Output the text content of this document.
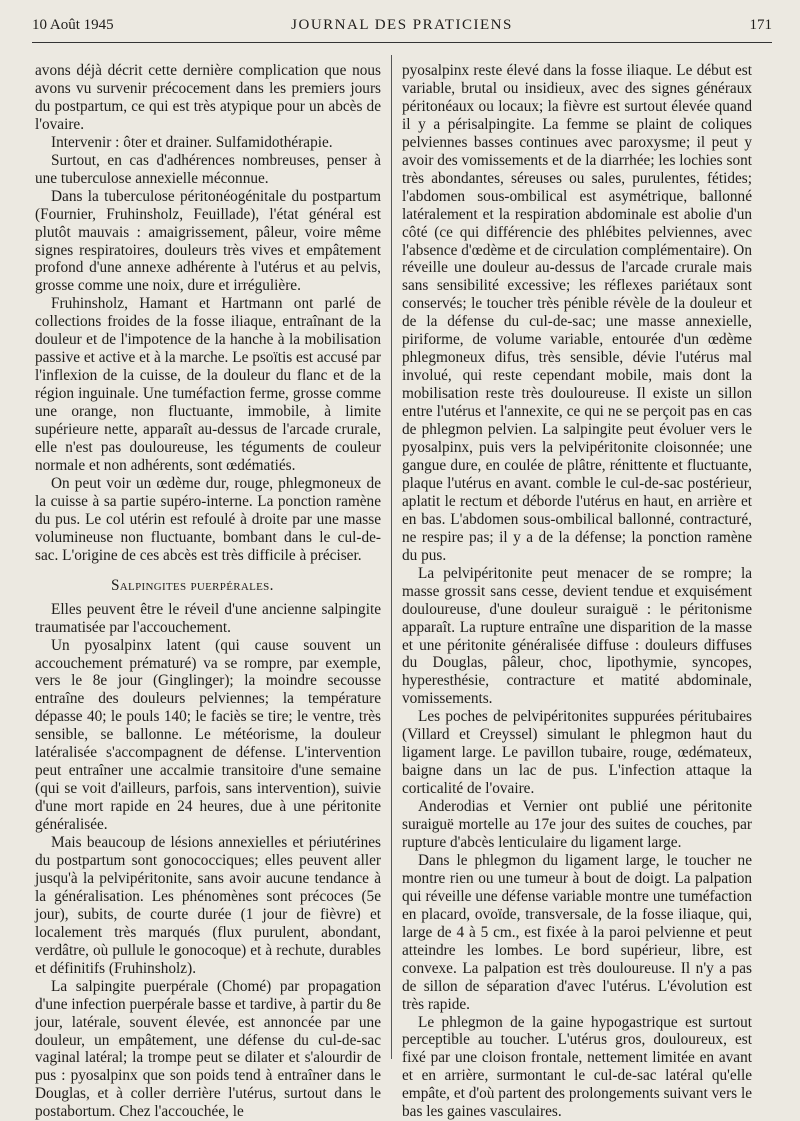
10 Août 1945	JOURNAL DES PRATICIENS	171

avons déjà décrit cette dernière complication que nous avons vu survenir précocement dans les premiers jours du postpartum, ce qui est très atypique pour un abcès de l'ovaire.

Intervenir : ôter et drainer. Sulfamidothérapie.

Surtout, en cas d'adhérences nombreuses, penser à une tuberculose annexielle méconnue.

Dans la tuberculose péritonéogénitale du postpartum (Fournier, Fruhinsholz, Feuillade), l'état général est plutôt mauvais : amaigrissement, pâleur, voire même signes respiratoires, douleurs très vives et empâtement profond d'une annexe adhérente à l'utérus et au pelvis, grosse comme une noix, dure et irrégulière.

Fruhinsholz, Hamant et Hartmann ont parlé de collections froides de la fosse iliaque, entraînant de la douleur et de l'impotence de la hanche à la mobilisation passive et active et à la marche. Le psoïtis est accusé par l'inflexion de la cuisse, de la douleur du flanc et de la région inguinale. Une tuméfaction ferme, grosse comme une orange, non fluctuante, immobile, à limite supérieure nette, apparaît au-dessus de l'arcade crurale, elle n'est pas douloureuse, les téguments de couleur normale et non adhérents, sont œdématiés.

On peut voir un œdème dur, rouge, phlegmoneux de la cuisse à sa partie supéro-interne. La ponction ramène du pus. Le col utérin est refoulé à droite par une masse volumineuse non fluctuante, bombant dans le cul-de-sac. L'origine de ces abcès est très difficile à préciser.

Salpingites puerpérales.

Elles peuvent être le réveil d'une ancienne salpingite traumatisée par l'accouchement.

Un pyosalpinx latent (qui cause souvent un accouchement prématuré) va se rompre, par exemple, vers le 8e jour (Ginglinger); la moindre secousse entraîne des douleurs pelviennes; la température dépasse 40; le pouls 140; le faciès se tire; le ventre, très sensible, se ballonne. Le météorisme, la douleur latéralisée s'accompagnent de défense. L'intervention peut entraîner une accalmie transitoire d'une semaine (qui se voit d'ailleurs, parfois, sans intervention), suivie d'une mort rapide en 24 heures, due à une péritonite généralisée.

Mais beaucoup de lésions annexielles et périutérines du postpartum sont gonococciques; elles peuvent aller jusqu'à la pelvipéritonite, sans avoir aucune tendance à la généralisation. Les phénomènes sont précoces (5e jour), subits, de courte durée (1 jour de fièvre) et localement très marqués (flux purulent, abondant, verdâtre, où pullule le gonocoque) et à rechute, durables et définitifs (Fruhinsholz).

La salpingite puerpérale (Chomé) par propagation d'une infection puerpérale basse et tardive, à partir du 8e jour, latérale, souvent élevée, est annoncée par une douleur, un empâtement, une défense du cul-de-sac vaginal latéral; la trompe peut se dilater et s'alourdir de pus : pyosalpinx que son poids tend à entraîner dans le Douglas, et à coller derrière l'utérus, surtout dans le postabortum. Chez l'accouchée, le

pyosalpinx reste élevé dans la fosse iliaque. Le début est variable, brutal ou insidieux, avec des signes généraux péritonéaux ou locaux; la fièvre est surtout élevée quand il y a périsalpingite. La femme se plaint de coliques pelviennes basses continues avec paroxysme; il peut y avoir des vomissements et de la diarrhée; les lochies sont très abondantes, séreuses ou sales, purulentes, fétides; l'abdomen sous-ombilical est asymétrique, ballonné latéralement et la respiration abdominale est abolie d'un côté (ce qui différencie des phlébites pelviennes, avec l'absence d'œdème et de circulation complémentaire). On réveille une douleur au-dessus de l'arcade crurale mais sans sensibilité excessive; les réflexes pariétaux sont conservés; le toucher très pénible révèle de la douleur et de la défense du cul-de-sac; une masse annexielle, piriforme, de volume variable, entourée d'un œdème phlegmoneux difus, très sensible, dévie l'utérus mal involué, qui reste cependant mobile, mais dont la mobilisation reste très douloureuse. Il existe un sillon entre l'utérus et l'annexite, ce qui ne se perçoit pas en cas de phlegmon pelvien. La salpingite peut évoluer vers le pyosalpinx, puis vers la pelvipéritonite cloisonnée; une gangue dure, en coulée de plâtre, rénittente et fluctuante, plaque l'utérus en avant. comble le cul-de-sac postérieur, aplatit le rectum et déborde l'utérus en haut, en arrière et en bas. L'abdomen sous-ombilical ballonné, contracturé, ne respire pas; il y a de la défense; la ponction ramène du pus.

La pelvipéritonite peut menacer de se rompre; la masse grossit sans cesse, devient tendue et exquisément douloureuse, d'une douleur suraiguë : le péritonisme apparaît. La rupture entraîne une disparition de la masse et une péritonite généralisée diffuse : douleurs diffuses du Douglas, pâleur, choc, lipothymie, syncopes, hyperesthésie, contracture et matité abdominale, vomissements.

Les poches de pelvipéritonites suppurées péritubaires (Villard et Creyssel) simulant le phlegmon haut du ligament large. Le pavillon tubaire, rouge, œdémateux, baigne dans un lac de pus. L'infection attaque la corticalité de l'ovaire.

Anderodias et Vernier ont publié une péritonite suraiguë mortelle au 17e jour des suites de couches, par rupture d'abcès lenticulaire du ligament large.

Dans le phlegmon du ligament large, le toucher ne montre rien ou une tumeur à bout de doigt. La palpation qui réveille une défense variable montre une tuméfaction en placard, ovoïde, transversale, de la fosse iliaque, qui, large de 4 à 5 cm., est fixée à la paroi pelvienne et peut atteindre les lombes. Le bord supérieur, libre, est convexe. La palpation est très douloureuse. Il n'y a pas de sillon de séparation d'avec l'utérus. L'évolution est très rapide.

Le phlegmon de la gaine hypogastrique est surtout perceptible au toucher. L'utérus gros, douloureux, est fixé par une cloison frontale, nettement limitée en avant et en arrière, surmontant le cul-de-sac latéral qu'elle empâte, et d'où partent des prolongements suivant vers le bas les gaines vasculaires.
